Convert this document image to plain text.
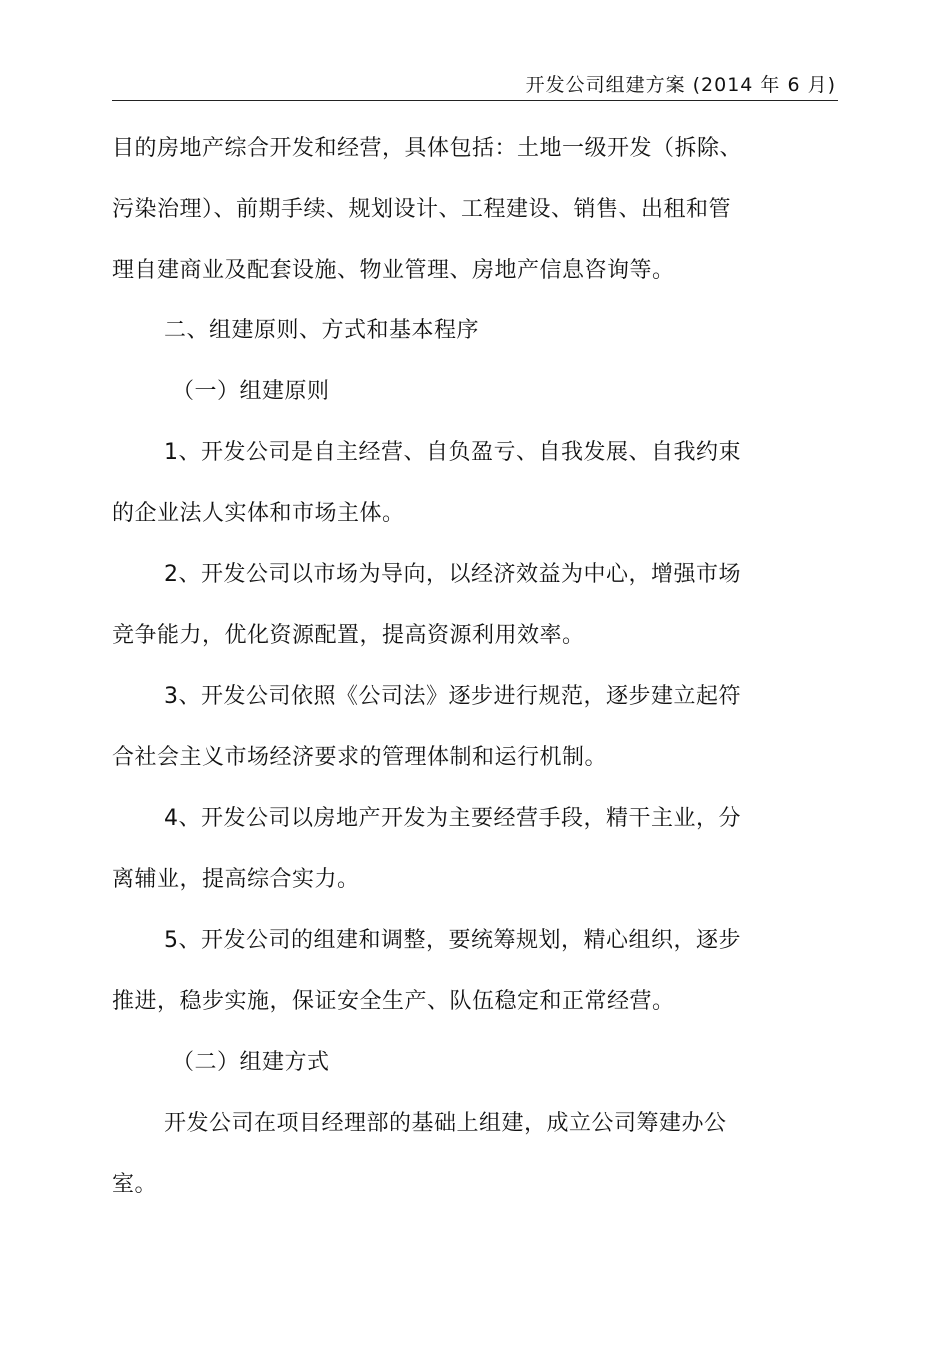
开发公司组建方案 (2014 年 6 月)
目的房地产综合开发和经营，具体包括：土地一级开发（拆除、
污染治理）、前期手续、规划设计、工程建设、销售、出租和管
理自建商业及配套设施、物业管理、房地产信息咨询等。
二、组建原则、方式和基本程序
（一）组建原则
1、开发公司是自主经营、自负盈亏、自我发展、自我约束
的企业法人实体和市场主体。
2、开发公司以市场为导向，以经济效益为中心，增强市场
竞争能力，优化资源配置，提高资源利用效率。
3、开发公司依照《公司法》逐步进行规范，逐步建立起符
合社会主义市场经济要求的管理体制和运行机制。
4、开发公司以房地产开发为主要经营手段，精干主业，分
离辅业，提高综合实力。
5、开发公司的组建和调整，要统筹规划，精心组织，逐步
推进，稳步实施，保证安全生产、队伍稳定和正常经营。
（二）组建方式
开发公司在项目经理部的基础上组建，成立公司筹建办公
室。
